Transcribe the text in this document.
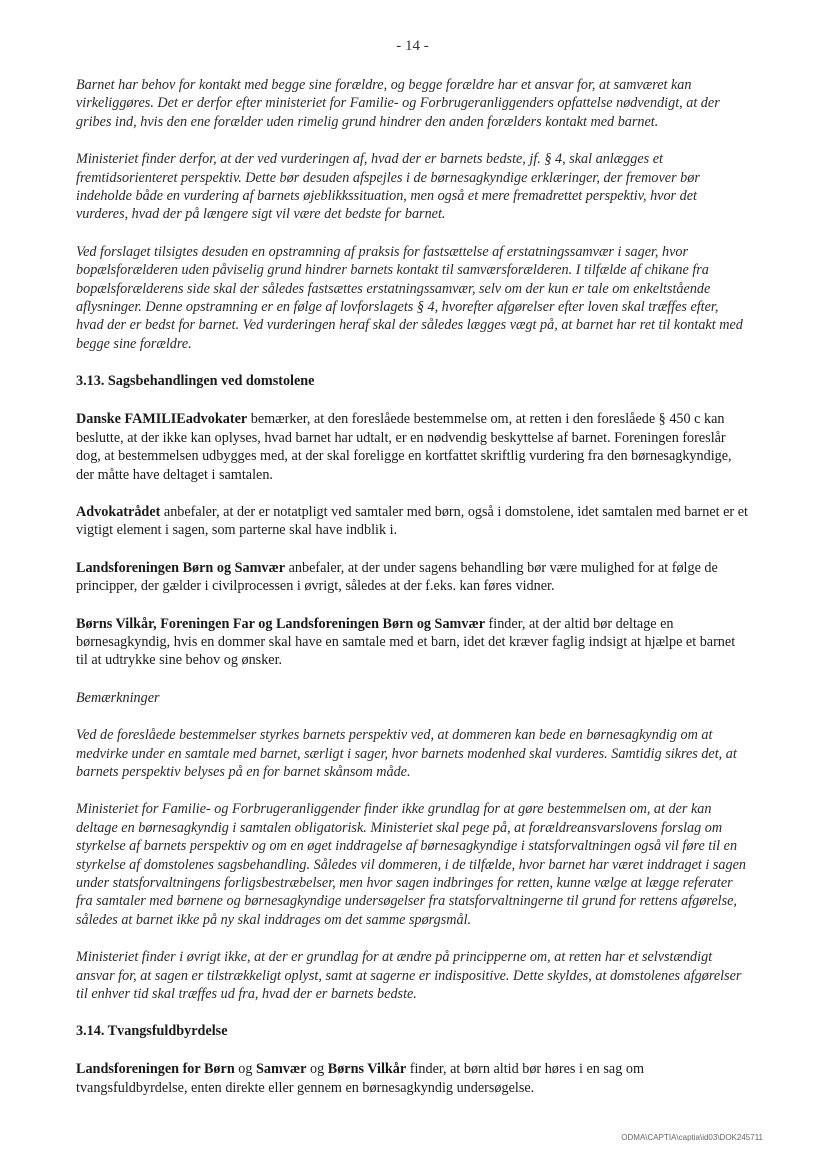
- 14 -

Barnet har behov for kontakt med begge sine forældre, og begge forældre har et ansvar for, at samværet kan virkeliggøres. Det er derfor efter ministeriet for Familie- og Forbrugeranliggenders opfattelse nødvendigt, at der gribes ind, hvis den ene forælder uden rimelig grund hindrer den anden forælders kontakt med barnet.

Ministeriet finder derfor, at der ved vurderingen af, hvad der er barnets bedste, jf. § 4, skal anlægges et fremtidsorienteret perspektiv. Dette bør desuden afspejles i de børnesagkyndige erklæringer, der fremover bør indeholde både en vurdering af barnets øjeblikkssituation, men også et mere fremadrettet perspektiv, hvor det vurderes, hvad der på længere sigt vil være det bedste for barnet.

Ved forslaget tilsigtes desuden en opstramning af praksis for fastsættelse af erstatningssamvær i sager, hvor bopælsforælderen uden påviselig grund hindrer barnets kontakt til samværsforælderen. I tilfælde af chikane fra bopælsforælderens side skal der således fastsættes erstatningssamvær, selv om der kun er tale om enkeltstående aflysninger. Denne opstramning er en følge af lovforslagets § 4, hvorefter afgørelser efter loven skal træffes efter, hvad der er bedst for barnet. Ved vurderingen heraf skal der således lægges vægt på, at barnet har ret til kontakt med begge sine forældre.

3.13. Sagsbehandlingen ved domstolene

Danske FAMILIEadvokater bemærker, at den foreslåede bestemmelse om, at retten i den foreslåede § 450 c kan beslutte, at der ikke kan oplyses, hvad barnet har udtalt, er en nødvendig beskyttelse af barnet. Foreningen foreslår dog, at bestemmelsen udbygges med, at der skal foreligge en kortfattet skriftlig vurdering fra den børnesagkyndige, der måtte have deltaget i samtalen.

Advokatrådet anbefaler, at der er notatpligt ved samtaler med børn, også i domstolene, idet samtalen med barnet er et vigtigt element i sagen, som parterne skal have indblik i.

Landsforeningen Børn og Samvær anbefaler, at der under sagens behandling bør være mulighed for at følge de principper, der gælder i civilprocessen i øvrigt, således at der f.eks. kan føres vidner.

Børns Vilkår, Foreningen Far og Landsforeningen Børn og Samvær finder, at der altid bør deltage en børnesagkyndig, hvis en dommer skal have en samtale med et barn, idet det kræver faglig indsigt at hjælpe et barnet til at udtrykke sine behov og ønsker.

Bemærkninger

Ved de foreslåede bestemmelser styrkes barnets perspektiv ved, at dommeren kan bede en børnesagkyndig om at medvirke under en samtale med barnet, særligt i sager, hvor barnets modenhed skal vurderes. Samtidig sikres det, at barnets perspektiv belyses på en for barnet skånsom måde.

Ministeriet for Familie- og Forbrugeranliggender finder ikke grundlag for at gøre bestemmelsen om, at der kan deltage en børnesagkyndig i samtalen obligatorisk. Ministeriet skal pege på, at forældreansvarslovens forslag om styrkelse af barnets perspektiv og om en øget inddragelse af børnesagkyndige i statsforvaltningen også vil føre til en styrkelse af domstolenes sagsbehandling. Således vil dommeren, i de tilfælde, hvor barnet har været inddraget i sagen under statsforvaltningens forligsbestræbelser, men hvor sagen indbringes for retten, kunne vælge at lægge referater fra samtaler med børnene og børnesagkyndige undersøgelser fra statsforvaltningerne til grund for rettens afgørelse, således at barnet ikke på ny skal inddrages om det samme spørgsmål.

Ministeriet finder i øvrigt ikke, at der er grundlag for at ændre på principperne om, at retten har et selvstændigt ansvar for, at sagen er tilstrækkeligt oplyst, samt at sagerne er indispositive. Dette skyldes, at domstolenes afgørelser til enhver tid skal træffes ud fra, hvad der er barnets bedste.

3.14. Tvangsfuldbyrdelse

Landsforeningen for Børn og Samvær og Børns Vilkår finder, at børn altid bør høres i en sag om tvangsfuldbyrdelse, enten direkte eller gennem en børnesagkyndig undersøgelse.

ODMA\CAPTIA\captia\id03\DOK245711
